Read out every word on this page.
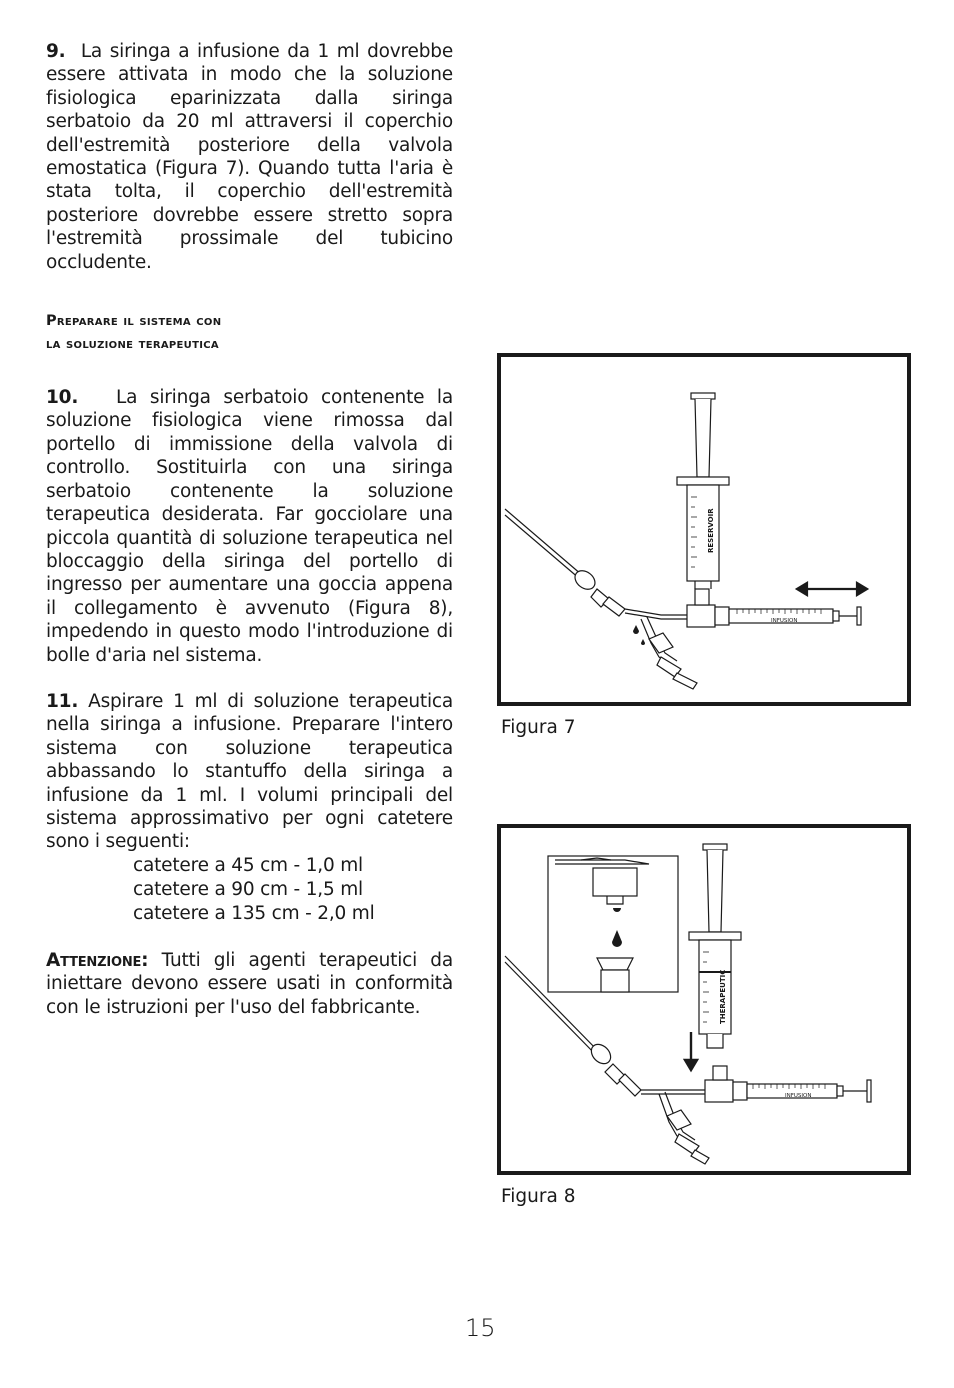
9. La siringa a infusione da 1 ml dovrebbe essere attivata in modo che la soluzione fisiologica eparinizzata dalla siringa serbatoio da 20 ml attraversi il coperchio dell'estremità posteriore della valvola emostatica (Figura 7). Quando tutta l'aria è stata tolta, il coperchio dell'estremità posteriore dovrebbe essere stretto sopra l'estremità prossimale del tubicino occludente.

Preparare il sistema con
la soluzione terapeutica

10. La siringa serbatoio contenente la soluzione fisiologica viene rimossa dal portello di immissione della valvola di controllo. Sostituirla con una siringa serbatoio contenente la soluzione terapeutica desiderata. Far gocciolare una piccola quantità di soluzione terapeutica nel bloccaggio della siringa del portello di ingresso per aumentare una goccia appena il collegamento è avvenuto (Figura 8), impedendo in questo modo l'introduzione di bolle d'aria nel sistema.

11. Aspirare 1 ml di soluzione terapeutica nella siringa a infusione. Preparare l'intero sistema con soluzione terapeutica abbassando lo stantuffo della siringa a infusione da 1 ml. I volumi principali del sistema approssimativo per ogni catetere sono i seguenti:

catetere a 45 cm - 1,0 ml
catetere a 90 cm - 1,5 ml
catetere a 135 cm - 2,0 ml

Attenzione: Tutti gli agenti terapeutici da iniettare devono essere usati in conformità con le istruzioni per l'uso del fabbricante.

RESERVOIR
INFUSION
Figura 7
THERAPEUTIC
INFUSION
Figura 8
15
